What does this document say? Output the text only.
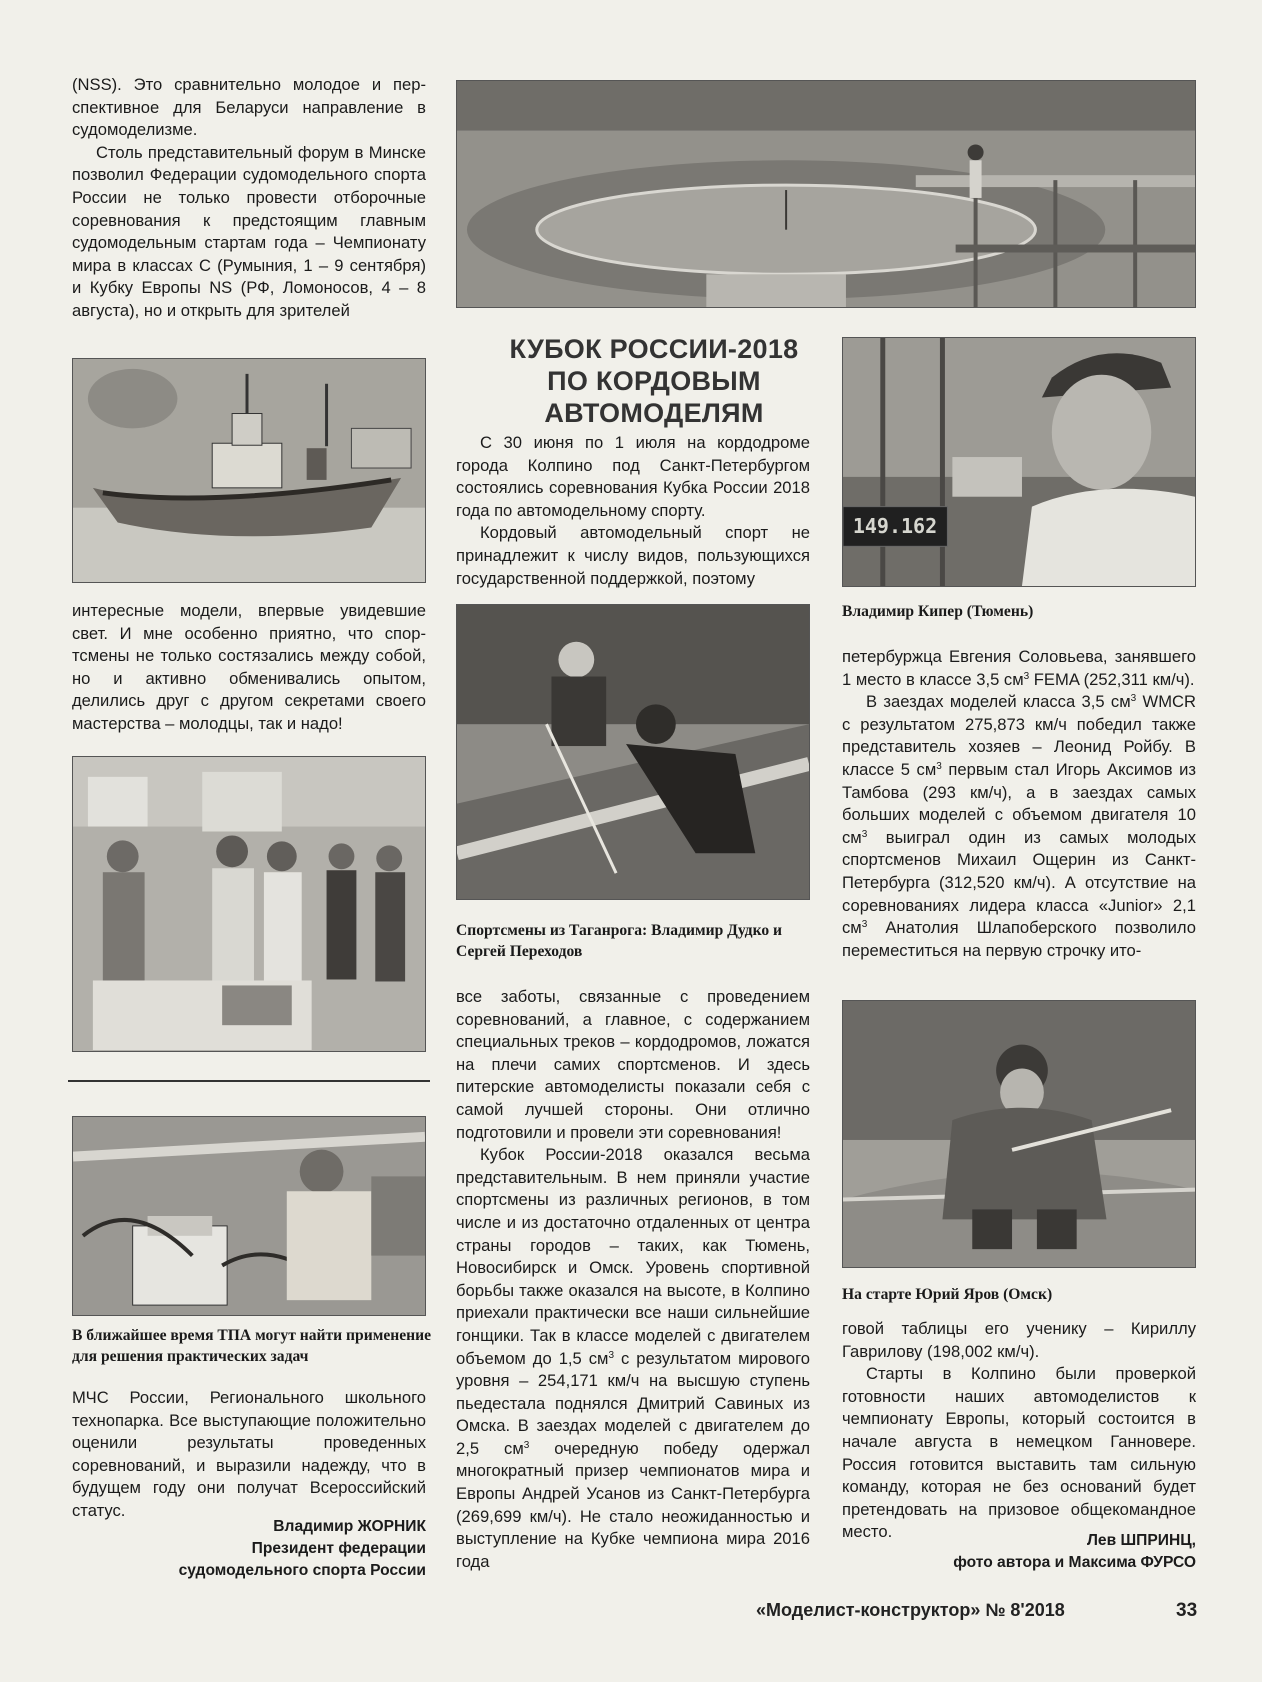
(NSS). Это сравнительно молодое и перспективное для Беларуси направление в судомоделизме.

Столь представительный форум в Минске позволил Федерации судомодельного спорта России не только провести отборочные соревнования к предстоящим главным судомодельным стартам года – Чемпионату мира в классах С (Румыния, 1 – 9 сентября) и Кубку Европы NS (РФ, Ломоносов, 4 – 8 августа), но и открыть для зрителей

интересные модели, впервые увидевшие свет. И мне особенно приятно, что спортсмены не только состязались между собой, но и активно обменивались опытом, делились друг с другом секретами своего мастерства – молодцы, так и надо!

В ближайшее время ТПА могут найти применение для решения практических задач

МЧС России, Регионального школьного технопарка. Все выступающие положительно оценили результаты проведенных соревнований, и выразили надежду, что в будущем году они получат Всероссийский статус.

Владимир ЖОРНИК
Президент федерации
судомодельного спорта России
КУБОК РОССИИ-2018
ПО КОРДОВЫМ
АВТОМОДЕЛЯМ

С 30 июня по 1 июля на кордодроме города Колпино под Санкт-Петербургом состоялись соревнования Кубка России 2018 года по автомодельному спорту.

Кордовый автомодельный спорт не принадлежит к числу видов, пользующихся государственной поддержкой, поэтому

Спортсмены из Таганрога: Владимир Дудко и Сергей Переходов

все заботы, связанные с проведением соревнований, а главное, с содержанием специальных треков – кордодромов, ложатся на плечи самих спортсменов. И здесь питерские автомоделисты показали себя с самой лучшей стороны. Они отлично подготовили и провели эти соревнования!

Кубок России-2018 оказался весьма представительным. В нем приняли участие спортсмены из различных регионов, в том числе и из достаточно отдаленных от центра страны городов – таких, как Тюмень, Новосибирск и Омск. Уровень спортивной борьбы также оказался на высоте, в Колпино приехали практически все наши сильнейшие гонщики. Так в классе моделей с двигателем объемом до 1,5 $см^3$ с результатом мирового уровня – 254,171 км/ч на высшую ступень пьедестала поднялся Дмитрий Савиных из Омска. В заездах моделей с двигателем до 2,5 $см^3$ очередную победу одержал многократный призер чемпионатов мира и Европы Андрей Усанов из Санкт-Петербурга (269,699 км/ч). Не стало неожиданностью и выступление на Кубке чемпиона мира 2016 года

149.162
Владимир Кипер (Тюмень)

петербуржца Евгения Соловьева, занявшего 1 место в классе 3,5 $см^3$ FEMA (252,311 км/ч).

В заездах моделей класса 3,5 $см^3$ WMCR с результатом 275,873 км/ч победил также представитель хозяев – Леонид Ройбу. В классе 5 $см^3$ первым стал Игорь Аксимов из Тамбова (293 км/ч), а в заездах самых больших моделей с объемом двигателя 10 $см^3$ выиграл один из самых молодых спортсменов Михаил Ощерин из Санкт-Петербурга (312,520 км/ч). А отсутствие на соревнованиях лидера класса «Junior» 2,1 $см^3$ Анатолия Шлапоберского позволило переместиться на первую строчку ито-

На старте Юрий Яров (Омск)

говой таблицы его ученику – Кириллу Гаврилову (198,002 км/ч).

Старты в Колпино были проверкой готовности наших автомоделистов к чемпионату Европы, который состоится в начале августа в немецком Ганновере. Россия готовится выставить там сильную команду, которая не без оснований будет претендовать на призовое общекомандное место.	Лев ШПРИНЦ,
фото автора и Максима ФУРСО
«Моделист-конструктор» № 8'2018	33
